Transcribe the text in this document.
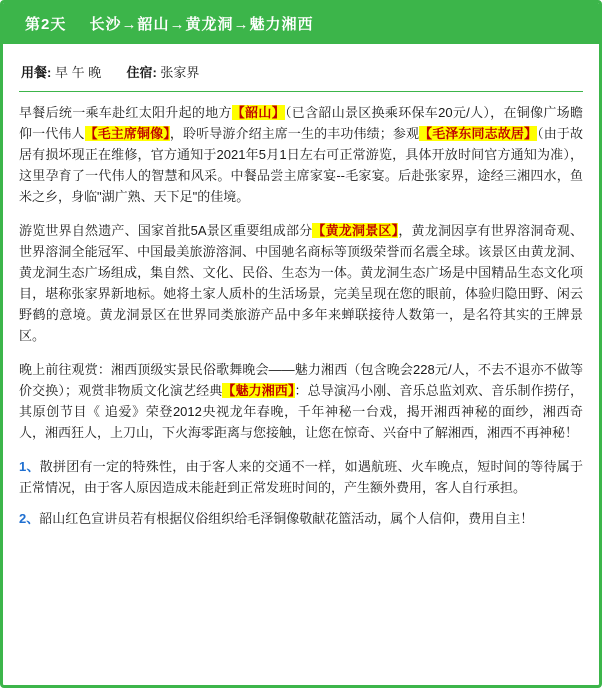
第2天 长沙→韶山→黄龙洞→魅力湘西
用餐: 早 午 晚 住宿: 张家界

早餐后统一乘车赴红太阳升起的地方【韶山】（已含韶山景区换乘环保车20元/人），在铜像广场瞻仰一代伟人【毛主席铜像】，聆听导游介绍主席一生的丰功伟绩；参观【毛泽东同志故居】（由于故居有损坏现正在维修，官方通知于2021年5月1日左右可正常游览，具体开放时间官方通知为准），这里孕育了一代伟人的智慧和风采。中餐品尝主席家宴--毛家宴。后赴张家界，途经三湘四水，鱼米之乡，身临"湖广熟、天下足"的佳境。

游览世界自然遗产、国家首批5A景区重要组成部分【黄龙洞景区】，黄龙洞因享有世界溶洞奇观、世界溶洞全能冠军、中国最美旅游溶洞、中国驰名商标等顶级荣誉而名震全球。该景区由黄龙洞、黄龙洞生态广场组成，集自然、文化、民俗、生态为一体。黄龙洞生态广场是中国精品生态文化项目，堪称张家界新地标。她将土家人质朴的生活场景，完美呈现在您的眼前，体验归隐田野、闲云野鹤的意境。黄龙洞景区在世界同类旅游产品中多年来蝉联接待人数第一，是名符其实的王牌景区。

晚上前往观赏：湘西顶级实景民俗歌舞晚会——魅力湘西（包含晚会228元/人，不去不退亦不做等价交换）；观赏非物质文化演艺经典【魅力湘西】：总导演冯小刚、音乐总监刘欢、音乐制作捞仔，其原创节目《 追爱》荣登2012央视龙年春晚，千年神秘一台戏，揭开湘西神秘的面纱，湘西奇人，湘西狂人，上刀山，下火海零距离与您接触，让您在惊奇、兴奋中了解湘西，湘西不再神秘！

1、散拼团有一定的特殊性，由于客人来的交通不一样，如遇航班、火车晚点，短时间的等待属于正常情况，由于客人原因造成未能赶到正常发班时间的，产生额外费用，客人自行承担。

2、韶山红色宣讲员若有根据仪俗组织给毛泽铜像敬献花篮活动，属个人信仰，费用自主！
